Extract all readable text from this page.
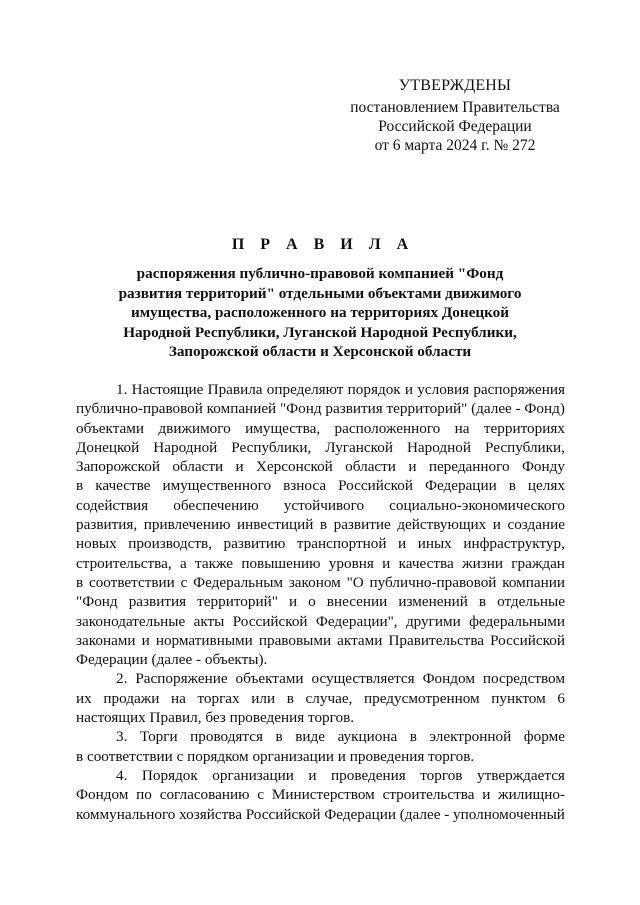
УТВЕРЖДЕНЫ
постановлением Правительства
Российской Федерации
от 6 марта 2024 г. № 272
П Р А В И Л А
распоряжения публично-правовой компанией "Фонд
развития территорий" отдельными объектами движимого
имущества, расположенного на территориях Донецкой
Народной Республики, Луганской Народной Республики,
Запорожской области и Херсонской области

1. Настоящие Правила определяют порядок и условия распоряжения
публично-правовой компанией "Фонд развития территорий" (далее - Фонд)
объектами движимого имущества, расположенного на территориях
Донецкой Народной Республики, Луганской Народной Республики,
Запорожской области и Херсонской области и переданного Фонду
в качестве имущественного взноса Российской Федерации в целях
содействия обеспечению устойчивого социально-экономического
развития, привлечению инвестиций в развитие действующих и создание
новых производств, развитию транспортной и иных инфраструктур,
строительства, а также повышению уровня и качества жизни граждан
в соответствии с Федеральным законом "О публично-правовой компании
"Фонд развития территорий" и о внесении изменений в отдельные
законодательные акты Российской Федерации", другими федеральными
законами и нормативными правовыми актами Правительства Российской
Федерации (далее - объекты).

2. Распоряжение объектами осуществляется Фондом посредством
их продажи на торгах или в случае, предусмотренном пунктом 6
настоящих Правил, без проведения торгов.

3. Торги проводятся в виде аукциона в электронной форме
в соответствии с порядком организации и проведения торгов.

4. Порядок организации и проведения торгов утверждается
Фондом по согласованию с Министерством строительства и жилищно-
коммунального хозяйства Российской Федерации (далее - уполномоченный
